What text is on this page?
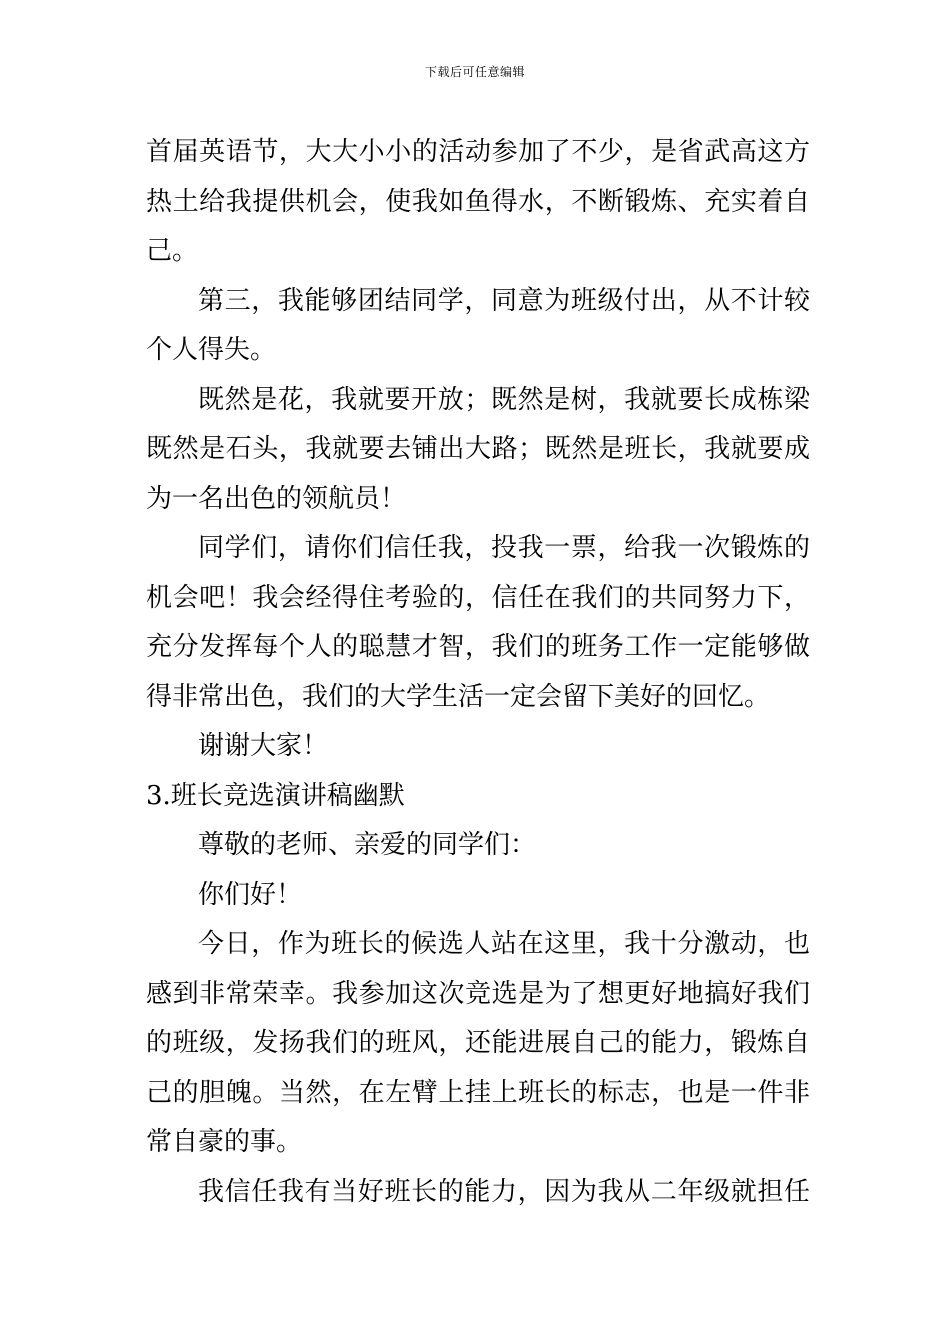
下载后可任意编辑
首届英语节，大大小小的活动参加了不少，是省武高这方
热土给我提供机会，使我如鱼得水，不断锻炼、充实着自
己。
第三，我能够团结同学，同意为班级付出，从不计较
个人得失。
既然是花，我就要开放；既然是树，我就要长成栋梁
既然是石头，我就要去铺出大路；既然是班长，我就要成
为一名出色的领航员！
同学们，请你们信任我，投我一票，给我一次锻炼的
机会吧！我会经得住考验的，信任在我们的共同努力下，
充分发挥每个人的聪慧才智，我们的班务工作一定能够做
得非常出色，我们的大学生活一定会留下美好的回忆。
谢谢大家！
3.班长竞选演讲稿幽默
尊敬的老师、亲爱的同学们：
你们好！
今日，作为班长的候选人站在这里，我十分激动，也
感到非常荣幸。我参加这次竞选是为了想更好地搞好我们
的班级，发扬我们的班风，还能进展自己的能力，锻炼自
己的胆魄。当然，在左臂上挂上班长的标志，也是一件非
常自豪的事。
我信任我有当好班长的能力，因为我从二年级就担任
